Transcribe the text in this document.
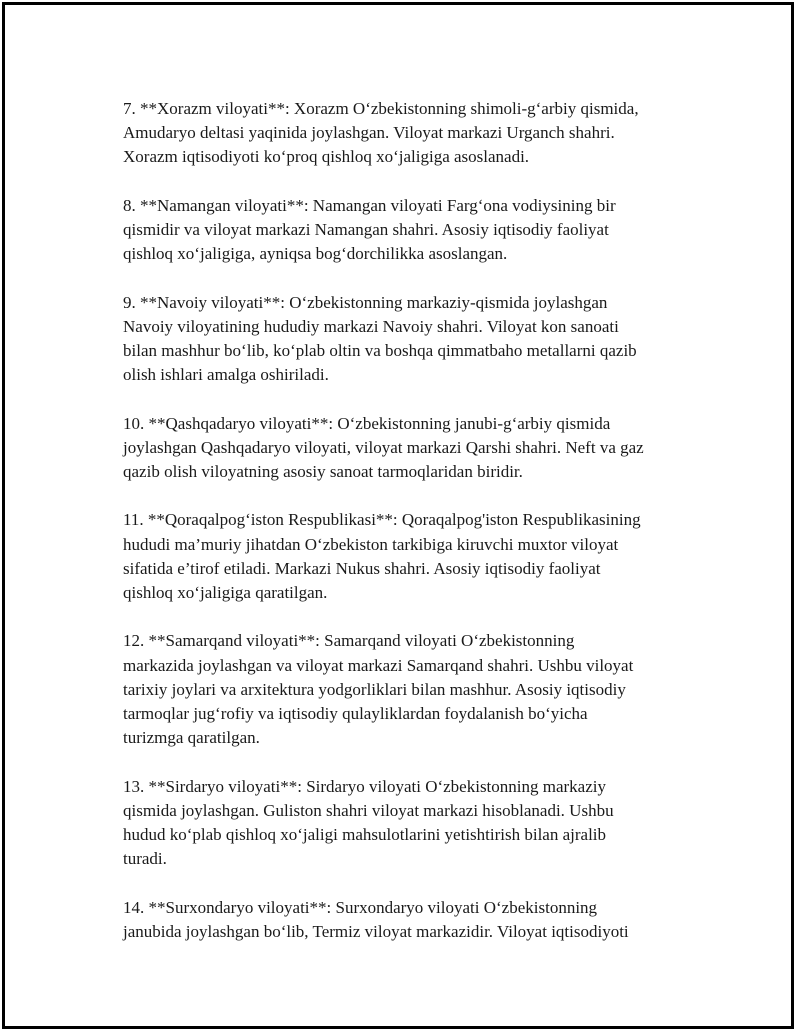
7. **Xorazm viloyati**: Xorazm O‘zbekistonning shimoli-g‘arbiy qismida,
Amudaryo deltasi yaqinida joylashgan. Viloyat markazi Urganch shahri.
Xorazm iqtisodiyoti ko‘proq qishloq xo‘jaligiga asoslanadi.

8. **Namangan viloyati**: Namangan viloyati Farg‘ona vodiysining bir
qismidir va viloyat markazi Namangan shahri. Asosiy iqtisodiy faoliyat
qishloq xo‘jaligiga, ayniqsa bog‘dorchilikka asoslangan.

9. **Navoiy viloyati**: O‘zbekistonning markaziy-qismida joylashgan
Navoiy viloyatining hududiy markazi Navoiy shahri. Viloyat kon sanoati
bilan mashhur bo‘lib, ko‘plab oltin va boshqa qimmatbaho metallarni qazib
olish ishlari amalga oshiriladi.

10. **Qashqadaryo viloyati**: O‘zbekistonning janubi-g‘arbiy qismida
joylashgan Qashqadaryo viloyati, viloyat markazi Qarshi shahri. Neft va gaz
qazib olish viloyatning asosiy sanoat tarmoqlaridan biridir.

11. **Qoraqalpog‘iston Respublikasi**: Qoraqalpog'iston Respublikasining
hududi ma’muriy jihatdan O‘zbekiston tarkibiga kiruvchi muxtor viloyat
sifatida e’tirof etiladi. Markazi Nukus shahri. Asosiy iqtisodiy faoliyat
qishloq xo‘jaligiga qaratilgan.

12. **Samarqand viloyati**: Samarqand viloyati O‘zbekistonning
markazida joylashgan va viloyat markazi Samarqand shahri. Ushbu viloyat
tarixiy joylari va arxitektura yodgorliklari bilan mashhur. Asosiy iqtisodiy
tarmoqlar jug‘rofiy va iqtisodiy qulayliklardan foydalanish bo‘yicha
turizmga qaratilgan.

13. **Sirdaryo viloyati**: Sirdaryo viloyati O‘zbekistonning markaziy
qismida joylashgan. Guliston shahri viloyat markazi hisoblanadi. Ushbu
hudud ko‘plab qishloq xo‘jaligi mahsulotlarini yetishtirish bilan ajralib
turadi.

14. **Surxondaryo viloyati**: Surxondaryo viloyati O‘zbekistonning
janubida joylashgan bo‘lib, Termiz viloyat markazidir. Viloyat iqtisodiyoti
